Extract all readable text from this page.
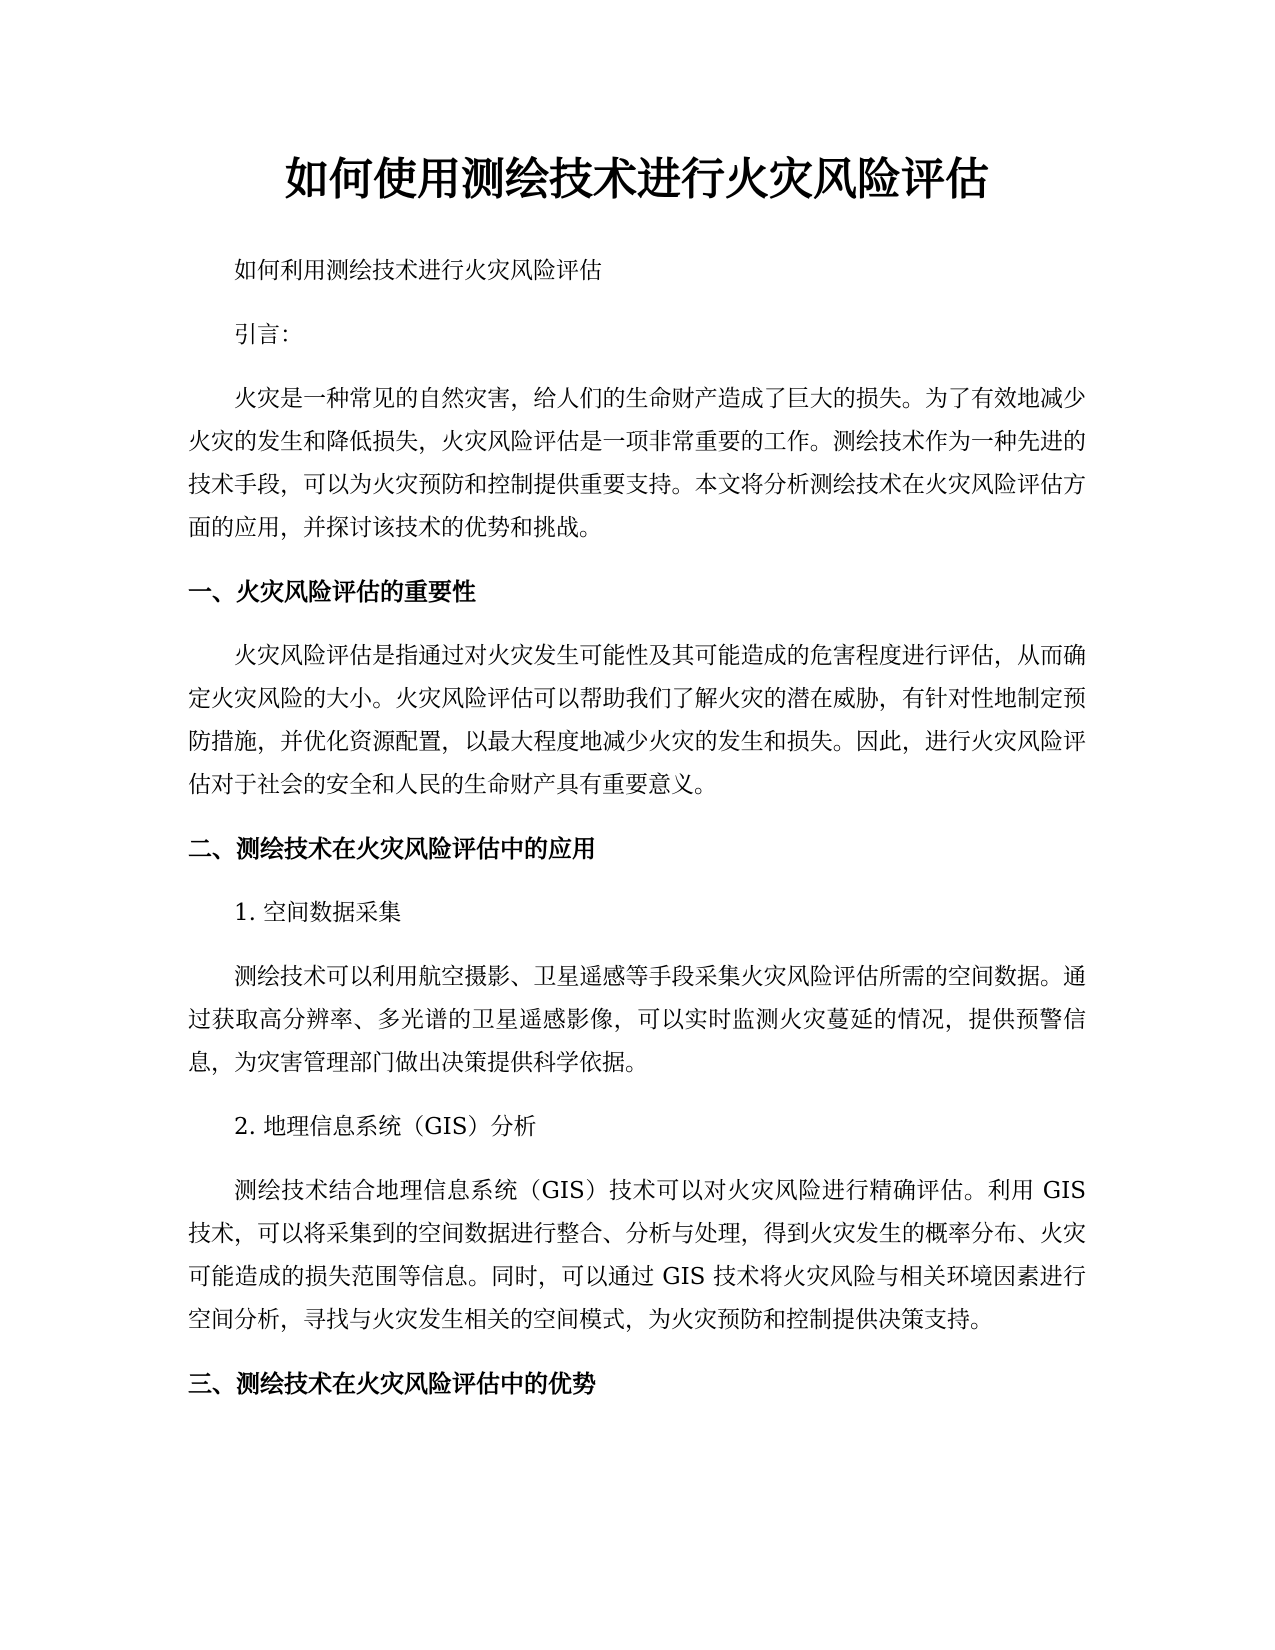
如何使用测绘技术进行火灾风险评估

如何利用测绘技术进行火灾风险评估

引言：

火灾是一种常见的自然灾害，给人们的生命财产造成了巨大的损失。为了有效地减少火灾的发生和降低损失，火灾风险评估是一项非常重要的工作。测绘技术作为一种先进的技术手段，可以为火灾预防和控制提供重要支持。本文将分析测绘技术在火灾风险评估方面的应用，并探讨该技术的优势和挑战。

一、火灾风险评估的重要性

火灾风险评估是指通过对火灾发生可能性及其可能造成的危害程度进行评估，从而确定火灾风险的大小。火灾风险评估可以帮助我们了解火灾的潜在威胁，有针对性地制定预防措施，并优化资源配置，以最大程度地减少火灾的发生和损失。因此，进行火灾风险评估对于社会的安全和人民的生命财产具有重要意义。

二、测绘技术在火灾风险评估中的应用

1. 空间数据采集

测绘技术可以利用航空摄影、卫星遥感等手段采集火灾风险评估所需的空间数据。通过获取高分辨率、多光谱的卫星遥感影像，可以实时监测火灾蔓延的情况，提供预警信息，为灾害管理部门做出决策提供科学依据。

2. 地理信息系统（GIS）分析

测绘技术结合地理信息系统（GIS）技术可以对火灾风险进行精确评估。利用 GIS 技术，可以将采集到的空间数据进行整合、分析与处理，得到火灾发生的概率分布、火灾可能造成的损失范围等信息。同时，可以通过 GIS 技术将火灾风险与相关环境因素进行空间分析，寻找与火灾发生相关的空间模式，为火灾预防和控制提供决策支持。

三、测绘技术在火灾风险评估中的优势
